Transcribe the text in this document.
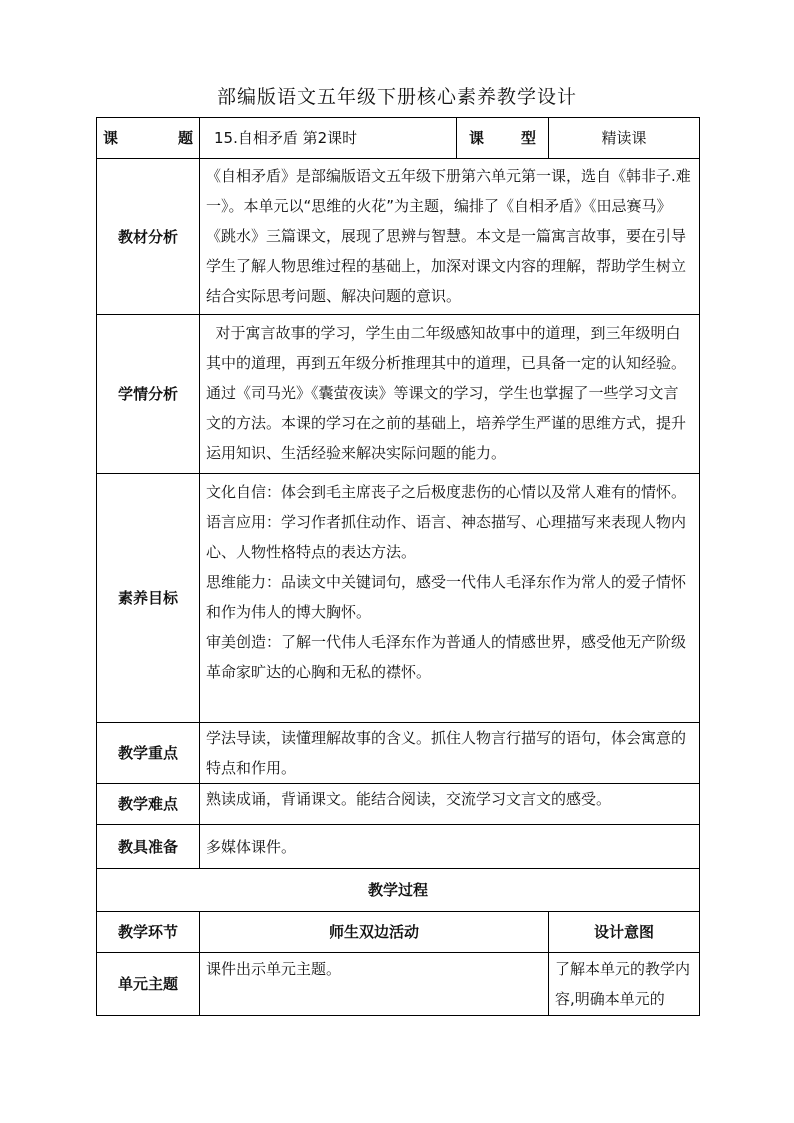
部编版语文五年级下册核心素养教学设计
课　　　题	15.自相矛盾 第2课时	课　　型	精读课
教材分析	《自相矛盾》是部编版语文五年级下册第六单元第一课，选自《韩非子.难一》。本单元以“思维的火花”为主题，编排了《自相矛盾》《田忌赛马》《跳水》三篇课文，展现了思辨与智慧。本文是一篇寓言故事，要在引导学生了解人物思维过程的基础上，加深对课文内容的理解，帮助学生树立结合实际思考问题、解决问题的意识。		
学情分析	对于寓言故事的学习，学生由二年级感知故事中的道理，到三年级明白其中的道理，再到五年级分析推理其中的道理，已具备一定的认知经验。通过《司马光》《囊萤夜读》等课文的学习，学生也掌握了一些学习文言文的方法。本课的学习在之前的基础上，培养学生严谨的思维方式，提升运用知识、生活经验来解决实际问题的能力。		
素养目标	文化自信：体会到毛主席丧子之后极度悲伤的心情以及常人难有的情怀。
语言应用：学习作者抓住动作、语言、神态描写、心理描写来表现人物内心、人物性格特点的表达方法。
思维能力：品读文中关键词句，感受一代伟人毛泽东作为常人的爱子情怀和作为伟人的博大胸怀。
审美创造：了解一代伟人毛泽东作为普通人的情感世界，感受他无产阶级革命家旷达的心胸和无私的襟怀。		

教学重点	学法导读，读懂理解故事的含义。抓住人物言行描写的语句，体会寓意的特点和作用。		
教学难点	熟读成诵，背诵课文。能结合阅读，交流学习文言文的感受。		
教具准备	多媒体课件。		
教学过程			
教学环节	师生双边活动		设计意图
单元主题	课件出示单元主题。		了解本单元的教学内容,明确本单元的
